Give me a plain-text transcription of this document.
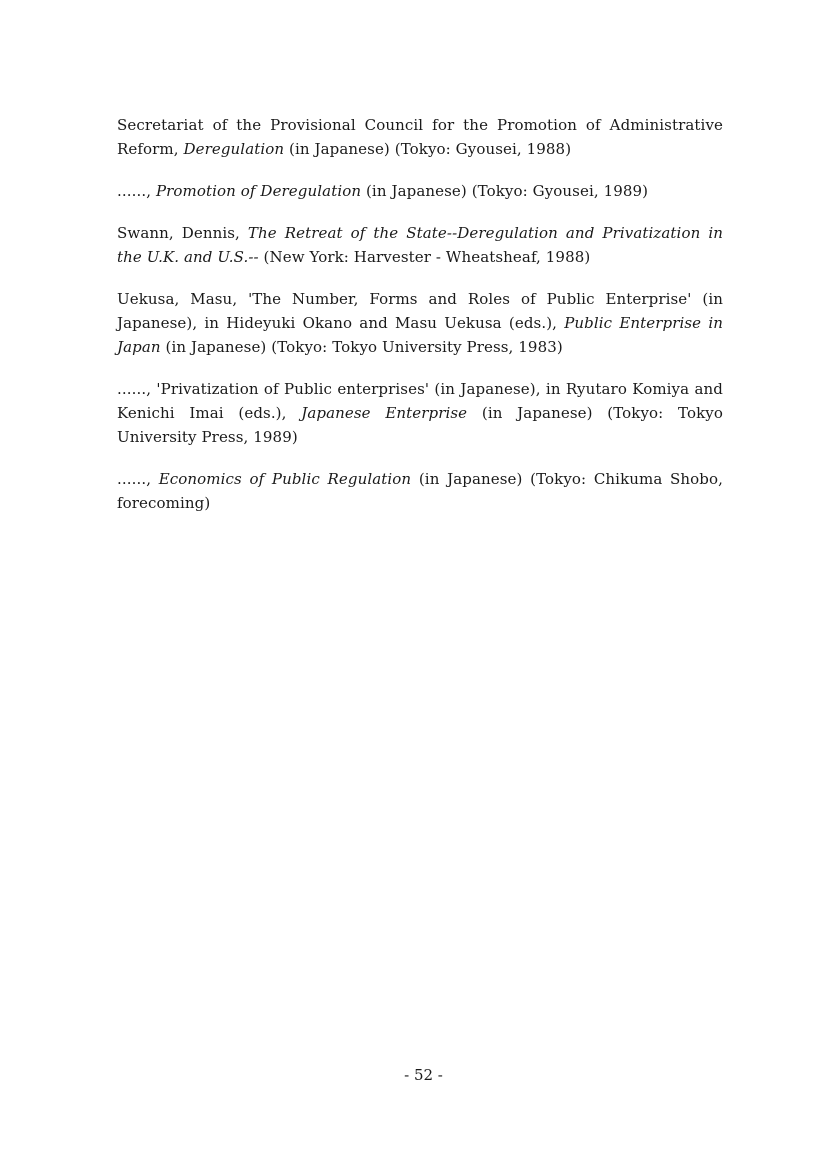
Secretariat of the Provisional Council for the Promotion of Administrative Reform, Deregulation (in Japanese) (Tokyo: Gyousei, 1988)

......, Promotion of Deregulation (in Japanese) (Tokyo: Gyousei, 1989)

Swann, Dennis, The Retreat of the State--Deregulation and Privatization in the U.K. and U.S.-- (New York: Harvester - Wheatsheaf, 1988)

Uekusa, Masu, 'The Number, Forms and Roles of Public Enterprise' (in Japanese), in Hideyuki Okano and Masu Uekusa (eds.), Public Enterprise in Japan (in Japanese) (Tokyo: Tokyo University Press, 1983)

......, 'Privatization of Public enterprises' (in Japanese), in Ryutaro Komiya and Kenichi Imai (eds.), Japanese Enterprise (in Japanese) (Tokyo: Tokyo University Press, 1989)

......, Economics of Public Regulation (in Japanese) (Tokyo: Chikuma Shobo, forecoming)

- 52 -
